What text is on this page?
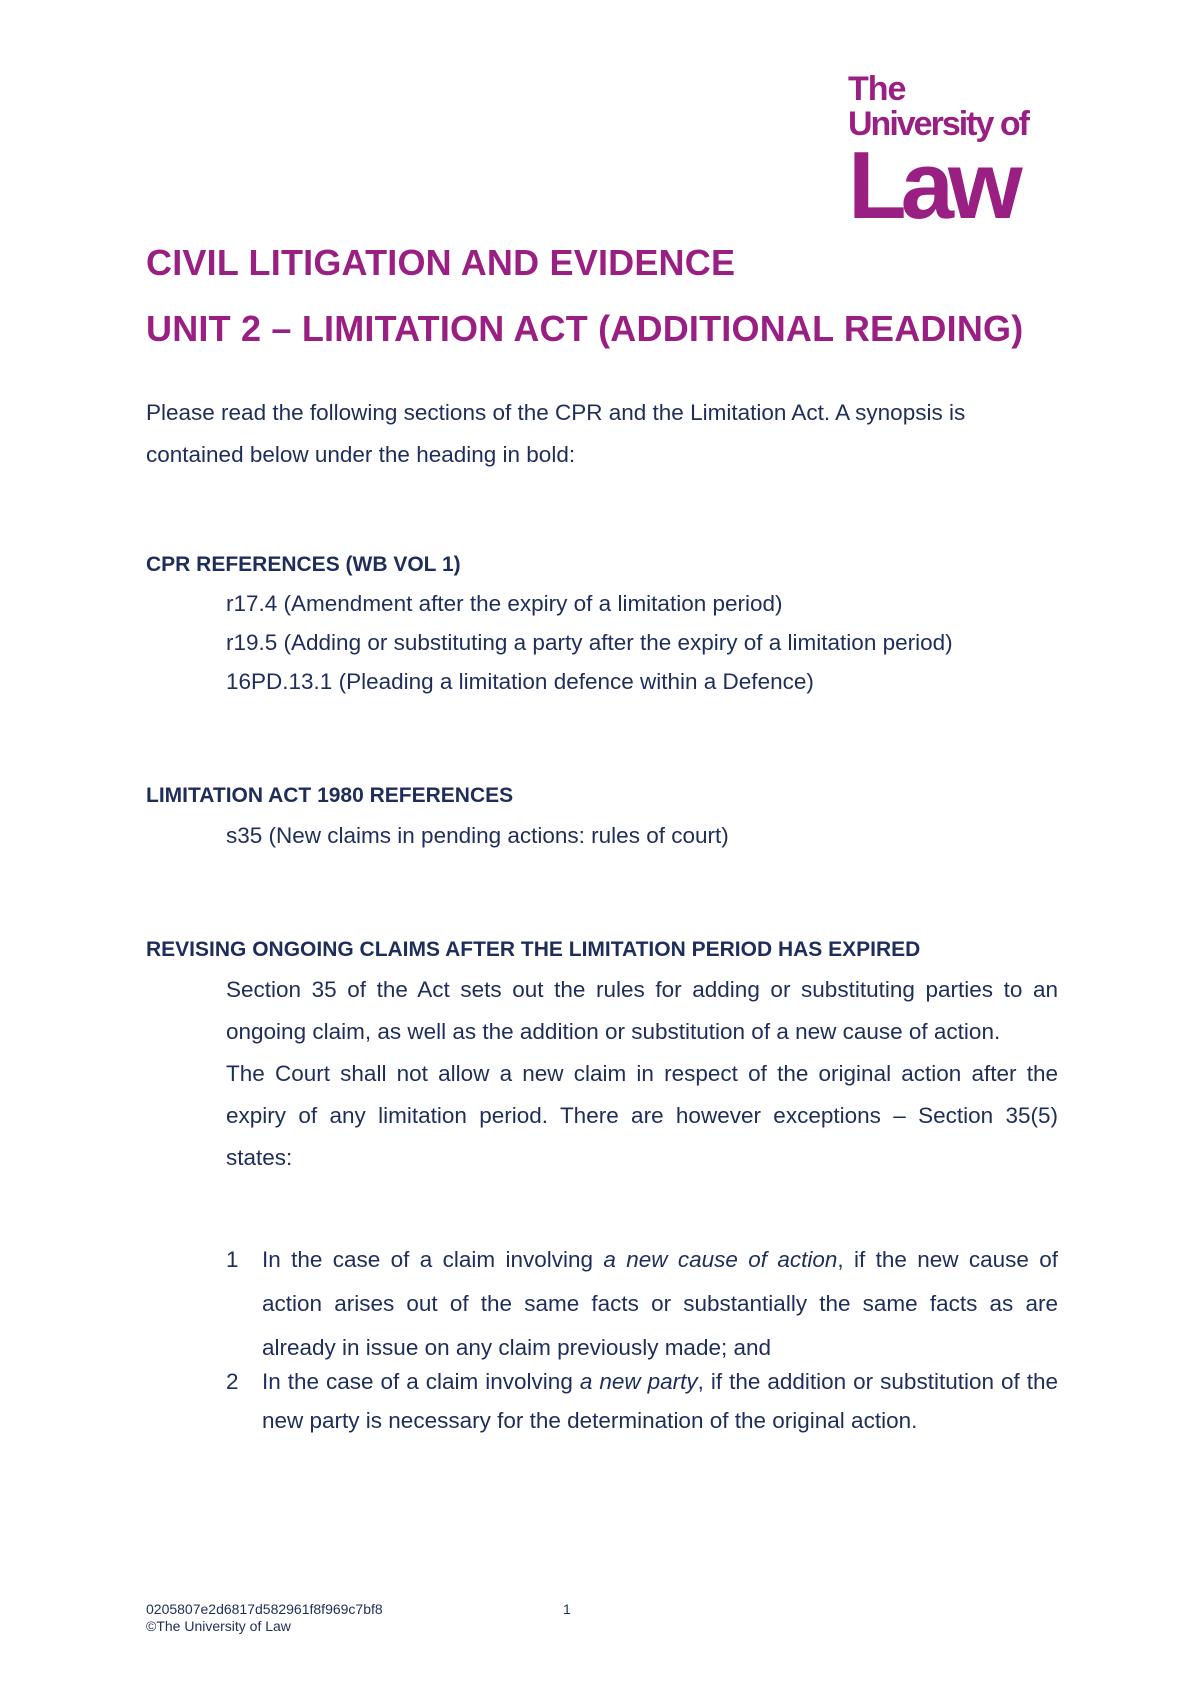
The
University of
Law
CIVIL LITIGATION AND EVIDENCE
UNIT 2 – LIMITATION ACT (ADDITIONAL READING)
Please read the following sections of the CPR and the Limitation Act. A synopsis is contained below under the heading in bold:
CPR REFERENCES (WB VOL 1)
r17.4 (Amendment after the expiry of a limitation period)
r19.5 (Adding or substituting a party after the expiry of a limitation period)
16PD.13.1 (Pleading a limitation defence within a Defence)
LIMITATION ACT 1980 REFERENCES
s35 (New claims in pending actions: rules of court)
REVISING ONGOING CLAIMS AFTER THE LIMITATION PERIOD HAS EXPIRED

Section 35 of the Act sets out the rules for adding or substituting parties to an ongoing claim, as well as the addition or substitution of a new cause of action.

The Court shall not allow a new claim in respect of the original action after the expiry of any limitation period. There are however exceptions – Section 35(5) states:

1	In the case of a claim involving a new cause of action, if the new cause of action arises out of the same facts or substantially the same facts as are already in issue on any claim previously made; and
2	In the case of a claim involving a new party, if the addition or substitution of the new party is necessary for the determination of the original action.
0205807e2d6817d582961f8f969c7bf8
©The University of Law
1
